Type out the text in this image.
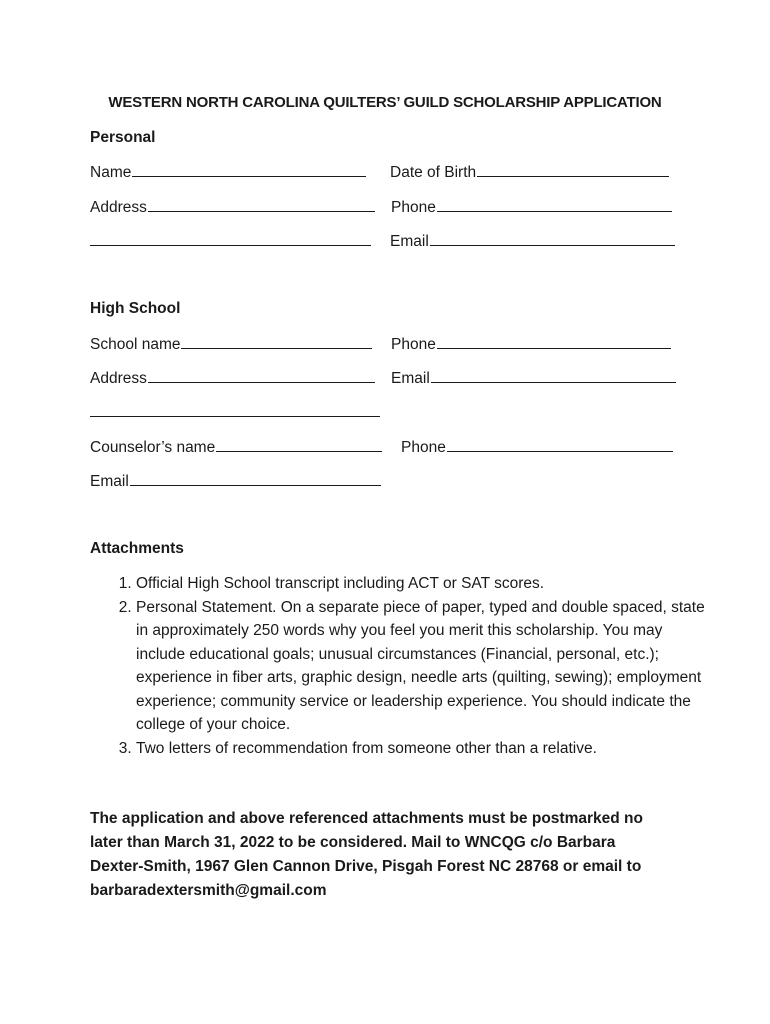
WESTERN NORTH CAROLINA QUILTERS’ GUILD SCHOLARSHIP APPLICATION
Personal
Name	Date of Birth
Address	Phone
Email
High School
School name	Phone
Address	Email
Counselor’s name	Phone
Email
Attachments
1. Official High School transcript including ACT or SAT scores.
2. Personal Statement. On a separate piece of paper, typed and double spaced, state in approximately 250 words why you feel you merit this scholarship. You may include educational goals; unusual circumstances (Financial, personal, etc.); experience in fiber arts, graphic design, needle arts (quilting, sewing); employment experience; community service or leadership experience. You should indicate the college of your choice.
3. Two letters of recommendation from someone other than a relative.
The application and above referenced attachments must be postmarked no later than March 31, 2022 to be considered. Mail to WNCQG c/o Barbara Dexter-Smith, 1967 Glen Cannon Drive, Pisgah Forest NC 28768 or email to barbaradextersmith@gmail.com
